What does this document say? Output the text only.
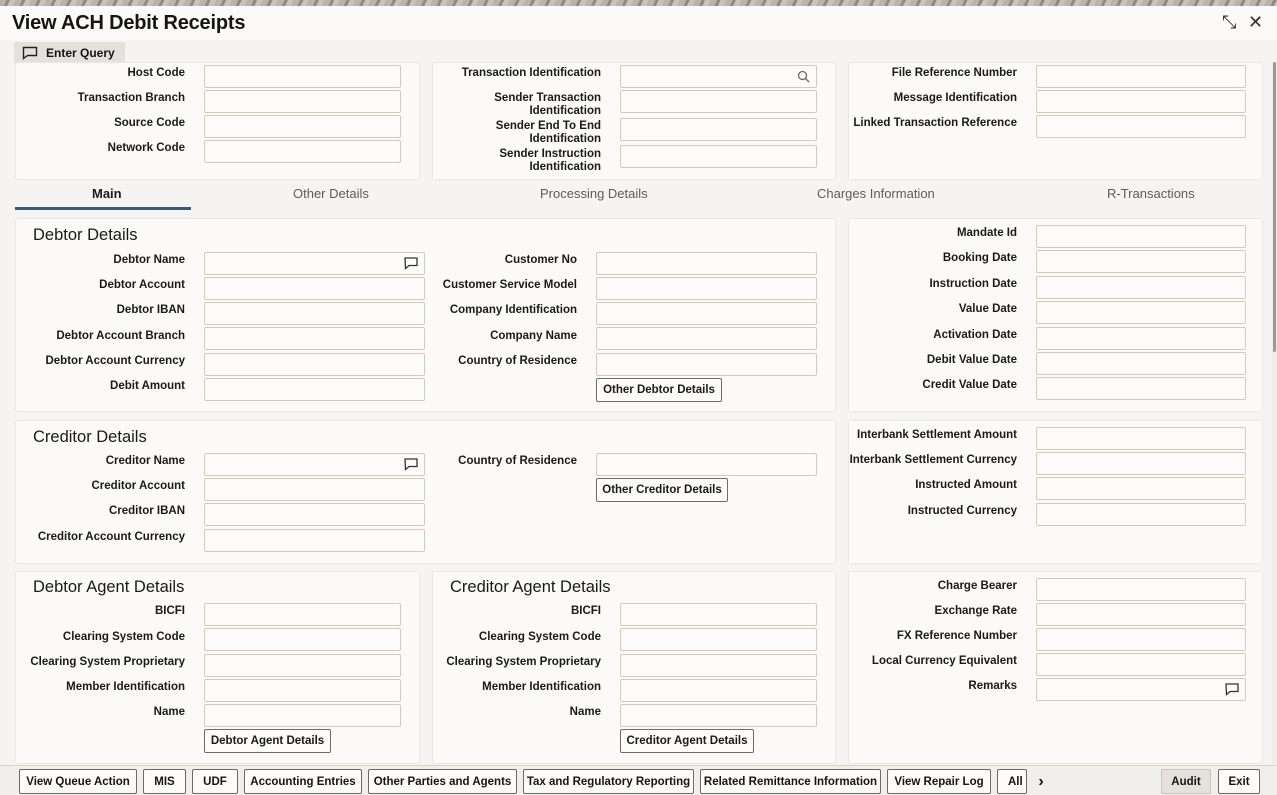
View ACH Debit Receipts	⤡ ✕
Enter Query
Host Code
Transaction Branch
Source Code
Network Code
Transaction Identification
Sender Transaction Identification
Sender End To End Identification
Sender Instruction Identification
File Reference Number
Message Identification
Linked Transaction Reference
Main	Other Details	Processing Details	Charges Information	R-Transactions
Debtor Details
Debtor Name
Debtor Account
Debtor IBAN
Debtor Account Branch
Debtor Account Currency
Debit Amount
Customer No
Customer Service Model
Company Identification
Company Name
Country of Residence
Other Debtor Details
Mandate Id
Booking Date
Instruction Date
Value Date
Activation Date
Debit Value Date
Credit Value Date
Creditor Details
Creditor Name
Creditor Account
Creditor IBAN
Creditor Account Currency
Country of Residence
Other Creditor Details
Interbank Settlement Amount
Interbank Settlement Currency
Instructed Amount
Instructed Currency
Debtor Agent Details
BICFI
Clearing System Code
Clearing System Proprietary
Member Identification
Name
Debtor Agent Details
Creditor Agent Details
BICFI
Clearing System Code
Clearing System Proprietary
Member Identification
Name
Creditor Agent Details
Charge Bearer
Exchange Rate
FX Reference Number
Local Currency Equivalent
Remarks
View Queue Action	MIS	UDF	Accounting Entries	Other Parties and Agents	Tax and Regulatory Reporting	Related Remittance Information	View Repair Log	All ›	Audit	Exit
